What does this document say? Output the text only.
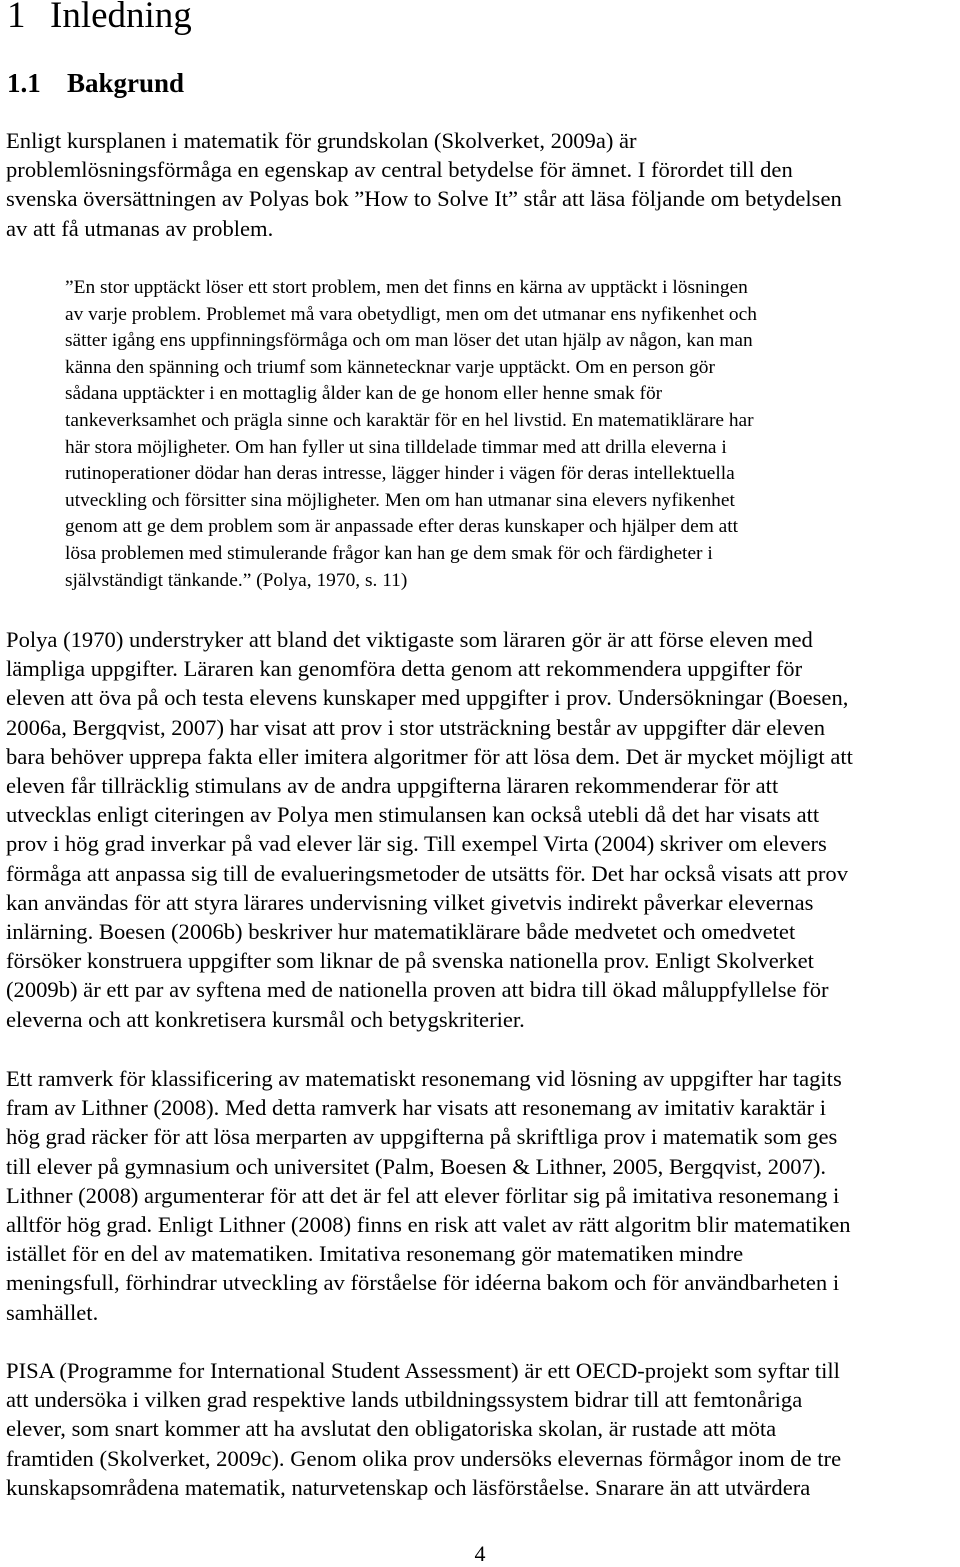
1 Inledning
1.1 Bakgrund

Enligt kursplanen i matematik för grundskolan (Skolverket, 2009a) är
problemlösningsförmåga en egenskap av central betydelse för ämnet. I förordet till den
svenska översättningen av Polyas bok ”How to Solve It” står att läsa följande om betydelsen
av att få utmanas av problem.

”En stor upptäckt löser ett stort problem, men det finns en kärna av upptäckt i lösningen
av varje problem. Problemet må vara obetydligt, men om det utmanar ens nyfikenhet och
sätter igång ens uppfinningsförmåga och om man löser det utan hjälp av någon, kan man
känna den spänning och triumf som kännetecknar varje upptäckt. Om en person gör
sådana upptäckter i en mottaglig ålder kan de ge honom eller henne smak för
tankeverksamhet och prägla sinne och karaktär för en hel livstid. En matematiklärare har
här stora möjligheter. Om han fyller ut sina tilldelade timmar med att drilla eleverna i
rutinoperationer dödar han deras intresse, lägger hinder i vägen för deras intellektuella
utveckling och försitter sina möjligheter. Men om han utmanar sina elevers nyfikenhet
genom att ge dem problem som är anpassade efter deras kunskaper och hjälper dem att
lösa problemen med stimulerande frågor kan han ge dem smak för och färdigheter i
självständigt tänkande.” (Polya, 1970, s. 11)

Polya (1970) understryker att bland det viktigaste som läraren gör är att förse eleven med
lämpliga uppgifter. Läraren kan genomföra detta genom att rekommendera uppgifter för
eleven att öva på och testa elevens kunskaper med uppgifter i prov. Undersökningar (Boesen,
2006a, Bergqvist, 2007) har visat att prov i stor utsträckning består av uppgifter där eleven
bara behöver upprepa fakta eller imitera algoritmer för att lösa dem. Det är mycket möjligt att
eleven får tillräcklig stimulans av de andra uppgifterna läraren rekommenderar för att
utvecklas enligt citeringen av Polya men stimulansen kan också utebli då det har visats att
prov i hög grad inverkar på vad elever lär sig. Till exempel Virta (2004) skriver om elevers
förmåga att anpassa sig till de evalueringsmetoder de utsätts för. Det har också visats att prov
kan användas för att styra lärares undervisning vilket givetvis indirekt påverkar elevernas
inlärning. Boesen (2006b) beskriver hur matematiklärare både medvetet och omedvetet
försöker konstruera uppgifter som liknar de på svenska nationella prov. Enligt Skolverket
(2009b) är ett par av syftena med de nationella proven att bidra till ökad måluppfyllelse för
eleverna och att konkretisera kursmål och betygskriterier.

Ett ramverk för klassificering av matematiskt resonemang vid lösning av uppgifter har tagits
fram av Lithner (2008). Med detta ramverk har visats att resonemang av imitativ karaktär i
hög grad räcker för att lösa merparten av uppgifterna på skriftliga prov i matematik som ges
till elever på gymnasium och universitet (Palm, Boesen & Lithner, 2005, Bergqvist, 2007).
Lithner (2008) argumenterar för att det är fel att elever förlitar sig på imitativa resonemang i
alltför hög grad. Enligt Lithner (2008) finns en risk att valet av rätt algoritm blir matematiken
istället för en del av matematiken. Imitativa resonemang gör matematiken mindre
meningsfull, förhindrar utveckling av förståelse för idéerna bakom och för användbarheten i
samhället.

PISA (Programme for International Student Assessment) är ett OECD-projekt som syftar till
att undersöka i vilken grad respektive lands utbildningssystem bidrar till att femtonåriga
elever, som snart kommer att ha avslutat den obligatoriska skolan, är rustade att möta
framtiden (Skolverket, 2009c). Genom olika prov undersöks elevernas förmågor inom de tre
kunskapsområdena matematik, naturvetenskap och läsförståelse. Snarare än att utvärdera

4
